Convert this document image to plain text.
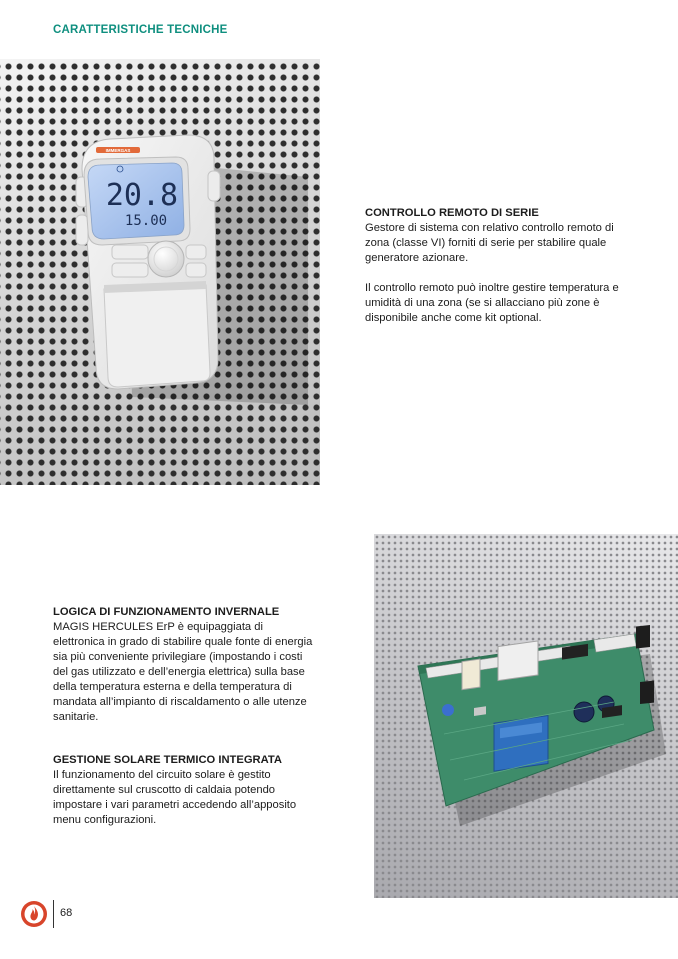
CARATTERISTICHE TECNICHE
IMMERGAS
20.8
15.00	CONTROLLO REMOTO DI SERIE

Gestore di sistema con relativo controllo remoto di zona (classe VI) forniti di serie per stabilire quale generatore azionare.

Il controllo remoto può inoltre gestire temperatura e umidità di una zona (se si allacciano più zone è disponibile anche come kit optional.

LOGICA DI FUNZIONAMENTO INVERNALE

MAGIS HERCULES ErP è equipaggiata di elettronica in grado di stabilire quale fonte di energia sia più conveniente privilegiare (impostando i costi del gas utilizzato e dell’energia elettrica) sulla base della temperatura esterna e della temperatura di mandata all’impianto di riscaldamento o alle utenze sanitarie.

GESTIONE SOLARE TERMICO INTEGRATA

Il funzionamento del circuito solare è gestito direttamente sul cruscotto di caldaia potendo impostare i vari parametri accedendo all’apposito menu configurazioni.

68
